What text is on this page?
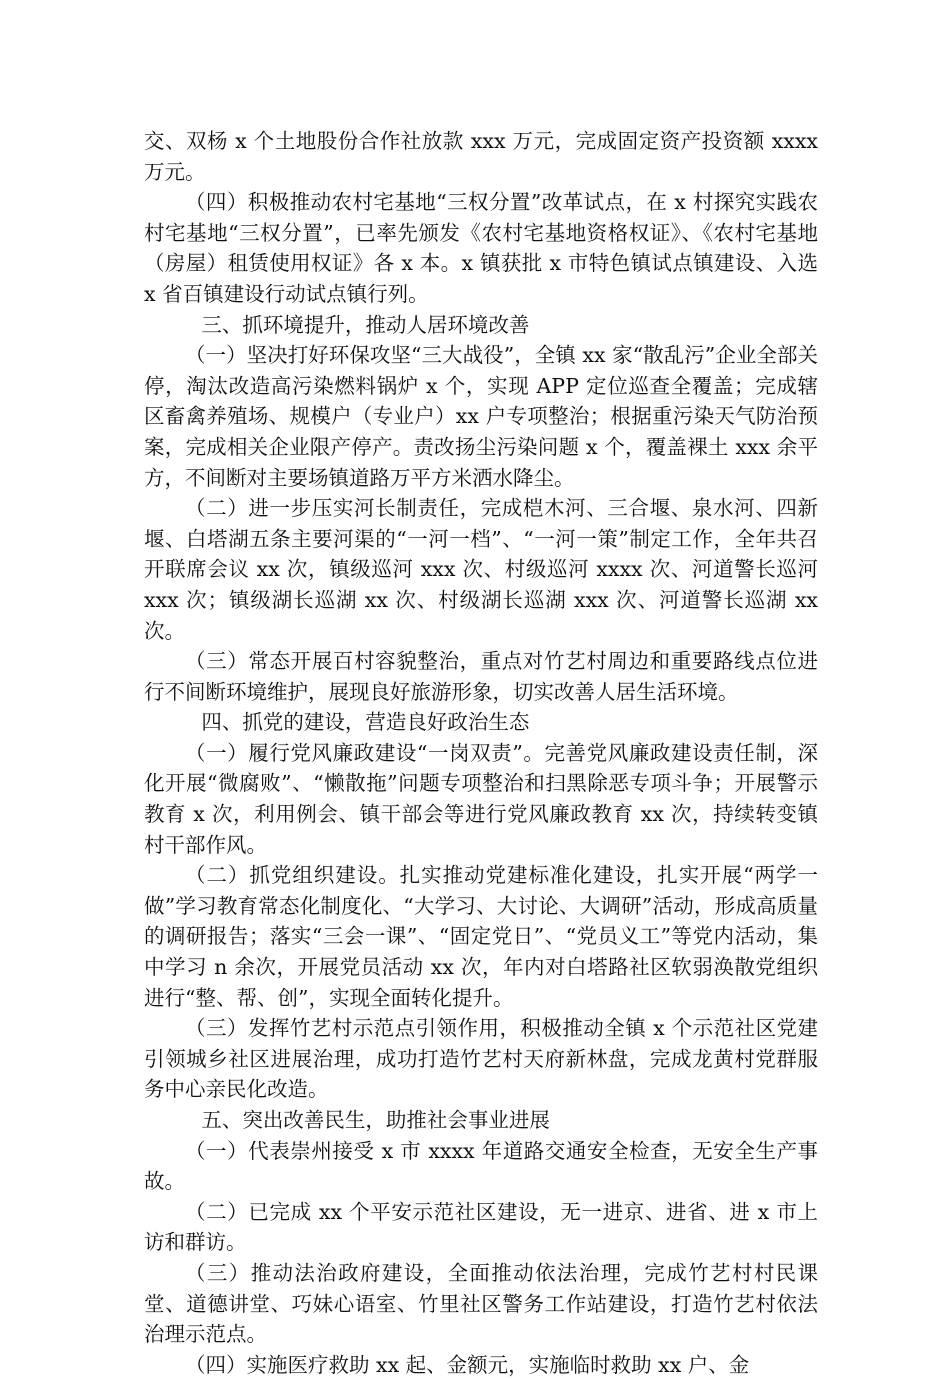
交、双杨 x 个土地股份合作社放款 xxx 万元，完成固定资产投资额 xxxx 万元。

（四）积极推动农村宅基地“三权分置”改革试点，在 x 村探究实践农村宅基地“三权分置”，已率先颁发《农村宅基地资格权证》、《农村宅基地（房屋）租赁使用权证》各 x 本。x 镇获批 x 市特色镇试点镇建设、入选 x 省百镇建设行动试点镇行列。

三、抓环境提升，推动人居环境改善

（一）坚决打好环保攻坚“三大战役”，全镇 xx 家“散乱污”企业全部关停，淘汰改造高污染燃料锅炉 x 个，实现 APP 定位巡查全覆盖；完成辖区畜禽养殖场、规模户（专业户）xx 户专项整治；根据重污染天气防治预案，完成相关企业限产停产。责改扬尘污染问题 x 个，覆盖裸土 xxx 余平方，不间断对主要场镇道路万平方米洒水降尘。

（二）进一步压实河长制责任，完成桤木河、三合堰、泉水河、四新堰、白塔湖五条主要河渠的“一河一档”、“一河一策”制定工作，全年共召开联席会议 xx 次，镇级巡河 xxx 次、村级巡河 xxxx 次、河道警长巡河 xxx 次；镇级湖长巡湖 xx 次、村级湖长巡湖 xxx 次、河道警长巡湖 xx 次。

（三）常态开展百村容貌整治，重点对竹艺村周边和重要路线点位进行不间断环境维护，展现良好旅游形象，切实改善人居生活环境。

四、抓党的建设，营造良好政治生态

（一）履行党风廉政建设“一岗双责”。完善党风廉政建设责任制，深化开展“微腐败”、“懒散拖”问题专项整治和扫黑除恶专项斗争；开展警示教育 x 次，利用例会、镇干部会等进行党风廉政教育 xx 次，持续转变镇村干部作风。

（二）抓党组织建设。扎实推动党建标准化建设，扎实开展“两学一做”学习教育常态化制度化、“大学习、大讨论、大调研”活动，形成高质量的调研报告；落实“三会一课”、“固定党日”、“党员义工”等党内活动，集中学习 n 余次，开展党员活动 xx 次，年内对白塔路社区软弱涣散党组织进行“整、帮、创”，实现全面转化提升。

（三）发挥竹艺村示范点引领作用，积极推动全镇 x 个示范社区党建引领城乡社区进展治理，成功打造竹艺村天府新林盘，完成龙黄村党群服务中心亲民化改造。

五、突出改善民生，助推社会事业进展

（一）代表崇州接受 x 市 xxxx 年道路交通安全检查，无安全生产事故。

（二）已完成 xx 个平安示范社区建设，无一进京、进省、进 x 市上访和群访。

（三）推动法治政府建设，全面推动依法治理，完成竹艺村村民课堂、道德讲堂、巧妹心语室、竹里社区警务工作站建设，打造竹艺村依法治理示范点。

（四）实施医疗救助 xx 起、金额元，实施临时救助 xx 户、金
